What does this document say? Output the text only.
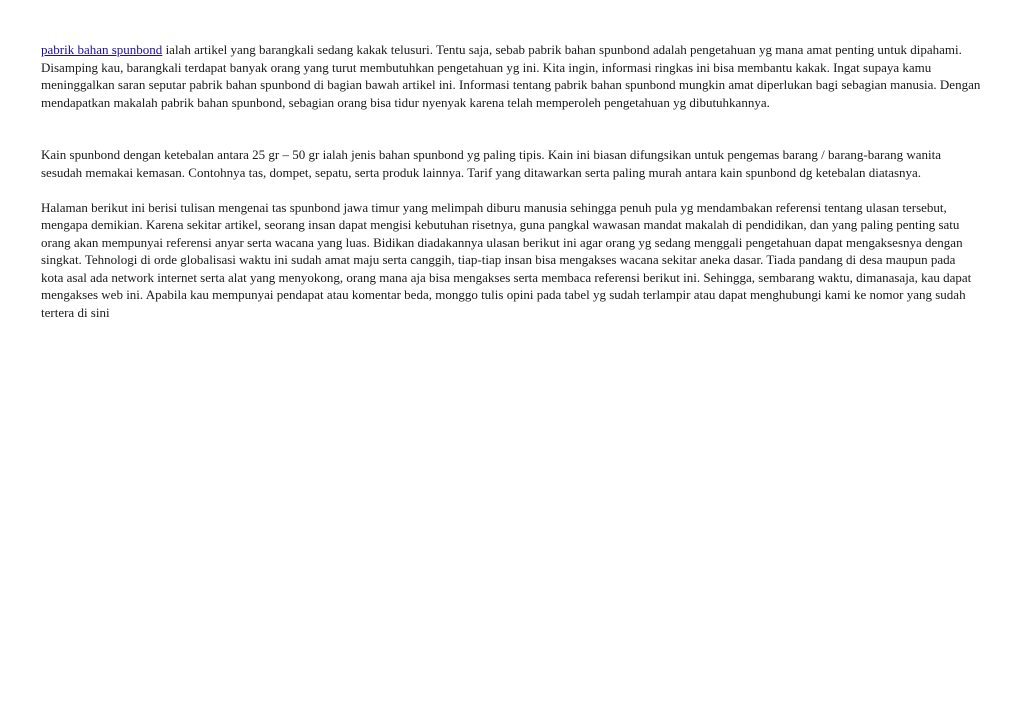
pabrik bahan spunbond ialah artikel yang barangkali sedang kakak telusuri. Tentu saja, sebab pabrik bahan spunbond adalah pengetahuan yg mana amat penting untuk dipahami. Disamping kau, barangkali terdapat banyak orang yang turut membutuhkan pengetahuan yg ini. Kita ingin, informasi ringkas ini bisa membantu kakak. Ingat supaya kamu meninggalkan saran seputar pabrik bahan spunbond di bagian bawah artikel ini. Informasi tentang pabrik bahan spunbond mungkin amat diperlukan bagi sebagian manusia. Dengan mendapatkan makalah pabrik bahan spunbond, sebagian orang bisa tidur nyenyak karena telah memperoleh pengetahuan yg dibutuhkannya.

Kain spunbond dengan ketebalan antara 25 gr – 50 gr ialah jenis bahan spunbond yg paling tipis. Kain ini biasan difungsikan untuk pengemas barang / barang-barang wanita sesudah memakai kemasan. Contohnya tas, dompet, sepatu, serta produk lainnya. Tarif yang ditawarkan serta paling murah antara kain spunbond dg ketebalan diatasnya.

Halaman berikut ini berisi tulisan mengenai tas spunbond jawa timur yang melimpah diburu manusia sehingga penuh pula yg mendambakan referensi tentang ulasan tersebut, mengapa demikian. Karena sekitar artikel, seorang insan dapat mengisi kebutuhan risetnya, guna pangkal wawasan mandat makalah di pendidikan, dan yang paling penting satu orang akan mempunyai referensi anyar serta wacana yang luas. Bidikan diadakannya ulasan berikut ini agar orang yg sedang menggali pengetahuan dapat mengaksesnya dengan singkat. Tehnologi di orde globalisasi waktu ini sudah amat maju serta canggih, tiap-tiap insan bisa mengakses wacana sekitar aneka dasar. Tiada pandang di desa maupun pada kota asal ada network internet serta alat yang menyokong, orang mana aja bisa mengakses serta membaca referensi berikut ini. Sehingga, sembarang waktu, dimanasaja, kau dapat mengakses web ini. Apabila kau mempunyai pendapat atau komentar beda, monggo tulis opini pada tabel yg sudah terlampir atau dapat menghubungi kami ke nomor yang sudah tertera di sini
